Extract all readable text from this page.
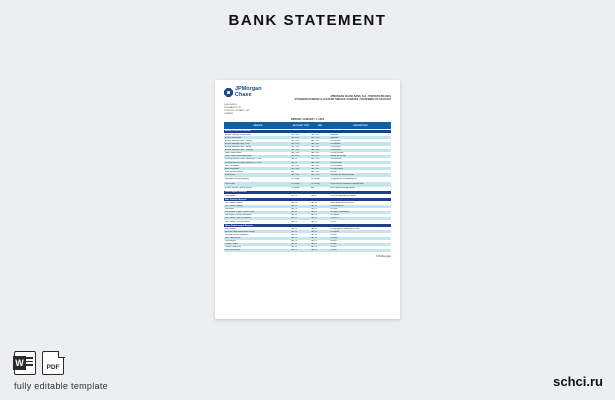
BANK STATEMENT
JPMorgan
Chase	JPMORGAN CHASE BANK, N.A., TORONTO BRANCH
STANDARD BANKING & ACCOUNT SERVICE CHARGES / STATEMENT OF ACCOUNT
JOHN SMITH
1234 MAIN ST. W.
TORONTO, ONTARIO, CA
CANADA
PERIOD: JANUARY 1, 2021
SERVICE	ACCOUNT TYPE	FEE	DESCRIPTION
Business Account Services
Account Opening & Set-up Service	CAD / USD	CAD / USD	Negotiable
Account Maintenance	CAD / USD	CAD / USD	Negotiable
Account Statement Paper - Monthly	CAD / USD	CAD / USD	Per statement
Account Statement Paper - Daily	CAD / USD	CAD / USD	Per statement
Account Statement Paper - Weekly	CAD / USD	CAD / USD	Per statement
Account Statement Paper - Quarterly	CAD / USD	CAD / USD	Per statement
Paper Cheque Return	CAD / USD	CAD / USD	Per item returned
Paper Cheque Return Maintenance	CAD / USD	CAD / USD	Monthly, per account
Incoming Electronic Funds Transfer (EFT) - CAD	CAD / N	CAD / USD	Per transaction
Incoming Electronic Funds Transfer (EFT) - USD	CAD / N	CAD / USD	Per transaction
Bank Confirmation	CAD / USD	CAD / USD	Per confirmation
Audit Confirmation	CAD / USD	CAD / USD	Per audit request
Items and Debit Activity	N/A	CAD / USD	Per item
Inactivity Fee	CAD / USD	CAD / USD	Per month, per inactive account
Negotiable Instrument Handling	Per Charge	Per Charge	Charged by the corresponding bank
Service Fees	Per Charge	Per Charge	Service fees for international collection items
Account Services - Special Services	Per Charge	N/A	Fee for special handling requests
Cash Deposit Services
Cash Deposit	CAD / N	CAD / N	Per $1,000 deposited, per location
Wire Transfer Services
Wire Transfer Incoming	CAD / N	CAD / N	Per incoming wire, per currency
Wire Transfer Outgoing	CAD / N	CAD / N	Per outgoing wire
Wire Repair	CAD / N	CAD / N	Per repair
Wire Transfer - Repair / Cancel / Recall	CAD / N	CAD / N	Per request, investigation
Wire Inquiry / Tracing / Amendment	CAD / N	CAD / N	Per request
Wire Transfer - Notice of Payment	CAD / N	CAD / N	Per notice
Wire Transfer - Fax Confirmation	CAD / N	CAD / N	Per fax
Other Disbursement Services
Stop Payment	CAD / N	CAD / N	Per stop payment request, per account
Electronic Image Retrieval with Storage	CAD / N	CAD / N	Per request
Bill Image Retrieval (Individual)	CAD / N	CAD / N	Per item
Draft Copy Retrieval	CAD / N	CAD / N	Per copy
Draft Issuance	CAD / N	CAD / N	Per draft
Certified Cheque	CAD / N	CAD / N	Per item
Cheque Clearing Fee	CAD / N	CAD / N	Per item
Bank Draft Issuance	CAD / N	CAD / N	Per draft
J.P.Morgan
W	PDF
fully editable template	schci.ru
